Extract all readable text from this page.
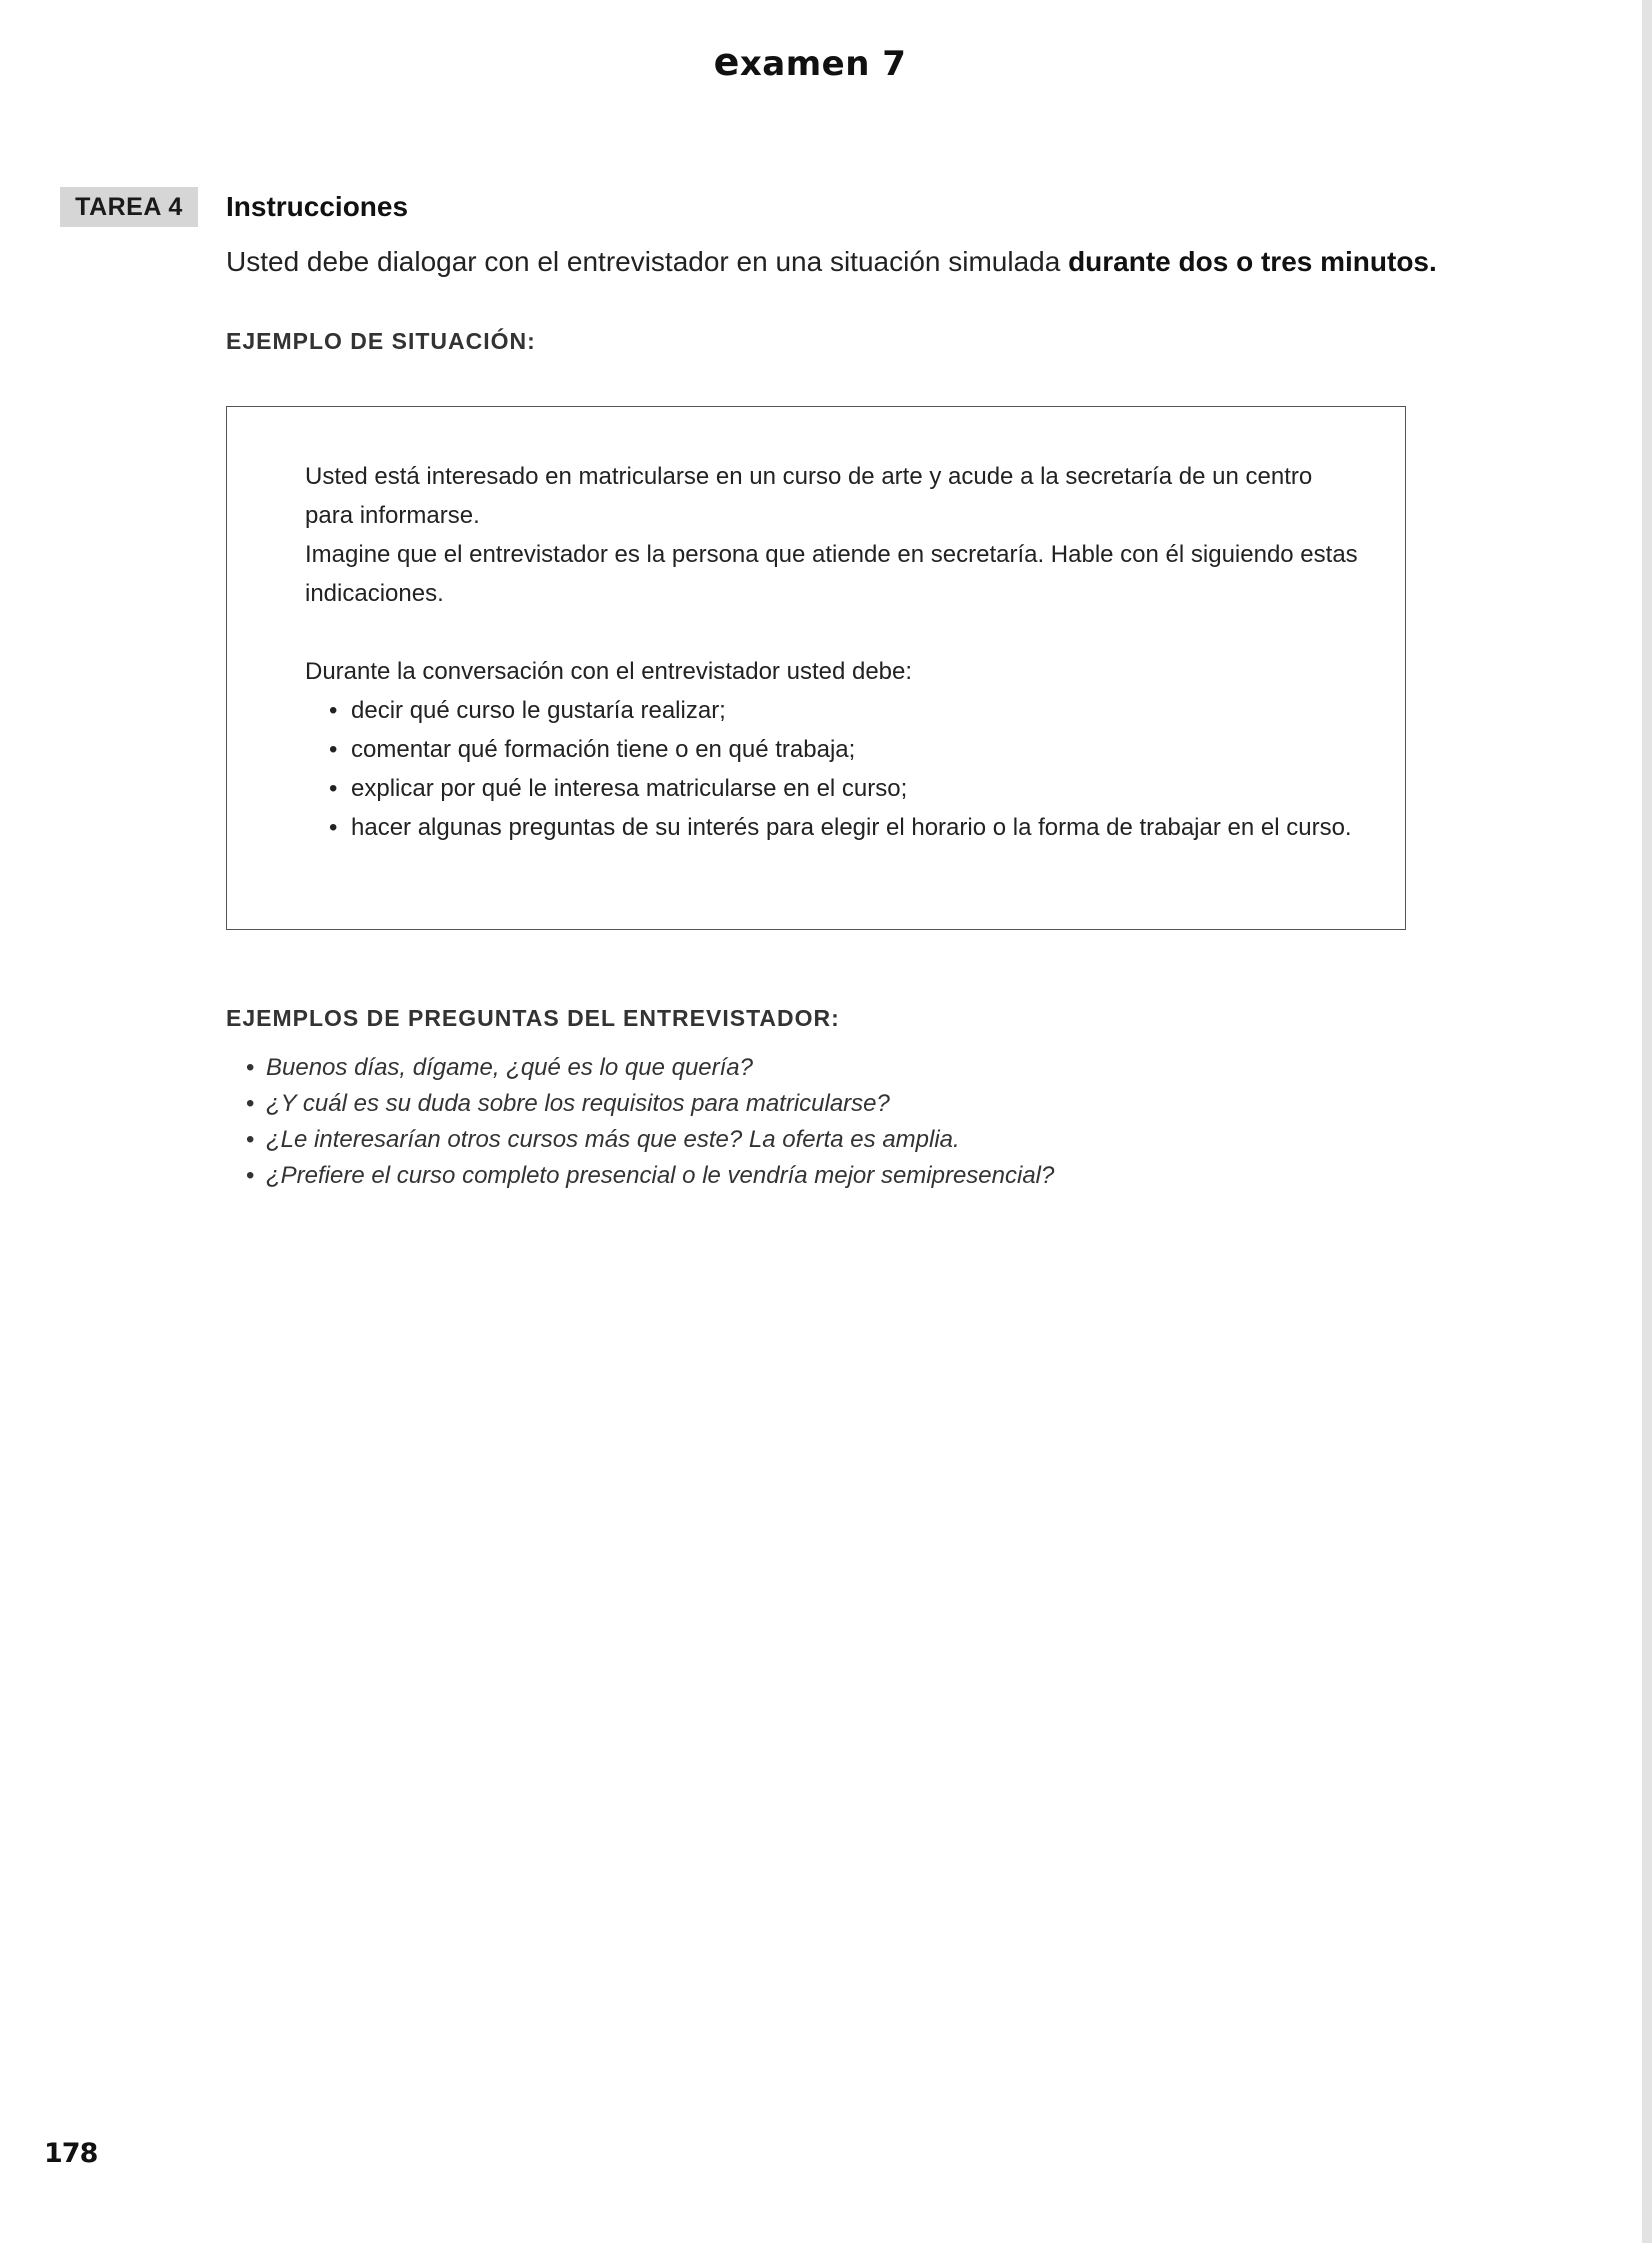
examen 7
TAREA 4	Instrucciones
Usted debe dialogar con el entrevistador en una situación simulada durante dos o tres minutos.
EJEMPLO DE SITUACIÓN:

Usted está interesado en matricularse en un curso de arte y acude a la secretaría de un centro para informarse.

Imagine que el entrevistador es la persona que atiende en secretaría. Hable con él siguiendo estas indicaciones.

Durante la conversación con el entrevistador usted debe:

• decir qué curso le gustaría realizar;
• comentar qué formación tiene o en qué trabaja;
• explicar por qué le interesa matricularse en el curso;
• hacer algunas preguntas de su interés para elegir el horario o la forma de trabajar en el curso.
EJEMPLOS DE PREGUNTAS DEL ENTREVISTADOR:
• Buenos días, dígame, ¿qué es lo que quería?
• ¿Y cuál es su duda sobre los requisitos para matricularse?
• ¿Le interesarían otros cursos más que este? La oferta es amplia.
• ¿Prefiere el curso completo presencial o le vendría mejor semipresencial?
178
